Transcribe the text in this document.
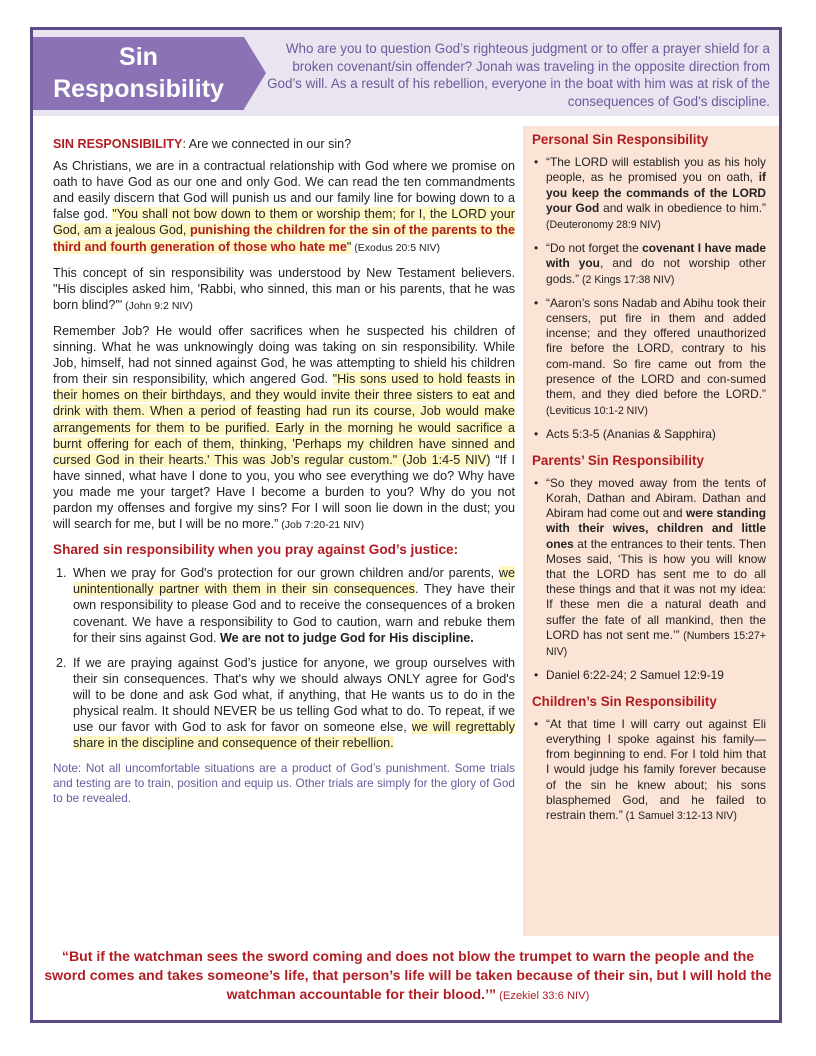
Sin
Responsibility
Who are you to question God’s righteous judgment or to offer a prayer shield for a broken covenant/sin offender? Jonah was traveling in the opposite direction from God’s will. As a result of his rebellion, everyone in the boat with him was at risk of the consequences of God’s discipline.

SIN RESPONSIBILITY: Are we connected in our sin?

As Christians, we are in a contractual relationship with God where we promise on oath to have God as our one and only God. We can read the ten commandments and easily discern that God will punish us and our family line for bowing down to a false god. "You shall not bow down to them or worship them; for I, the LORD your God, am a jealous God, punishing the children for the sin of the parents to the third and fourth generation of those who hate me" (Exodus 20:5 NIV)

This concept of sin responsibility was understood by New Testament believers. "His disciples asked him, 'Rabbi, who sinned, this man or his parents, that he was born blind?'" (John 9:2 NIV)

Remember Job? He would offer sacrifices when he suspected his children of sinning. What he was unknowingly doing was taking on sin responsibility. While Job, himself, had not sinned against God, he was attempting to shield his children from their sin responsibility, which angered God. "His sons used to hold feasts in their homes on their birthdays, and they would invite their three sisters to eat and drink with them. When a period of feasting had run its course, Job would make arrangements for them to be purified. Early in the morning he would sacrifice a burnt offering for each of them, thinking, 'Perhaps my children have sinned and cursed God in their hearts.' This was Job’s regular custom." (Job 1:4-5 NIV) “If I have sinned, what have I done to you, you who see everything we do? Why have you made me your target? Have I become a burden to you? Why do you not pardon my offenses and forgive my sins? For I will soon lie down in the dust; you will search for me, but I will be no more.” (Job 7:20-21 NIV)

Shared sin responsibility when you pray against God’s justice:
1. When we pray for God's protection for our grown children and/or parents, we unintentionally partner with them in their sin consequences. They have their own responsibility to please God and to receive the consequences of a broken covenant. We have a responsibility to God to caution, warn and rebuke them for their sins against God. We are not to judge God for His discipline.
2. If we are praying against God’s justice for anyone, we group ourselves with their sin consequences. That's why we should always ONLY agree for God's will to be done and ask God what, if anything, that He wants us to do in the physical realm. It should NEVER be us telling God what to do. To repeat, if we use our favor with God to ask for favor on someone else, we will regrettably share in the discipline and consequence of their rebellion.
Note: Not all uncomfortable situations are a product of God’s punishment. Some trials and testing are to train, position and equip us. Other trials are simply for the glory of God to be revealed.
Personal Sin Responsibility
• “The LORD will establish you as his holy people, as he promised you on oath, if you keep the commands of the LORD your God and walk in obedience to him.” (Deuteronomy 28:9 NIV)
• “Do not forget the covenant I have made with you, and do not worship other gods.” (2 Kings 17:38 NIV)
• “Aaron’s sons Nadab and Abihu took their censers, put fire in them and added incense; and they offered unauthorized fire before the LORD, contrary to his com-mand. So fire came out from the presence of the LORD and con-sumed them, and they died before the LORD.” (Leviticus 10:1-2 NIV)
• Acts 5:3-5 (Ananias & Sapphira)
Parents’ Sin Responsibility
• “So they moved away from the tents of Korah, Dathan and Abiram. Dathan and Abiram had come out and were standing with their wives, children and little ones at the entrances to their tents. Then Moses said, ‘This is how you will know that the LORD has sent me to do all these things and that it was not my idea: If these men die a natural death and suffer the fate of all mankind, then the LORD has not sent me.’” (Numbers 15:27+ NIV)
• Daniel 6:22-24; 2 Samuel 12:9-19
Children’s Sin Responsibility
• “At that time I will carry out against Eli everything I spoke against his family—from beginning to end. For I told him that I would judge his family forever because of the sin he knew about; his sons blasphemed God, and he failed to restrain them.” (1 Samuel 3:12-13 NIV)
“But if the watchman sees the sword coming and does not blow the trumpet to warn the people and the sword comes and takes someone’s life, that person’s life will be taken because of their sin, but I will hold the watchman accountable for their blood.’” (Ezekiel 33:6 NIV)
